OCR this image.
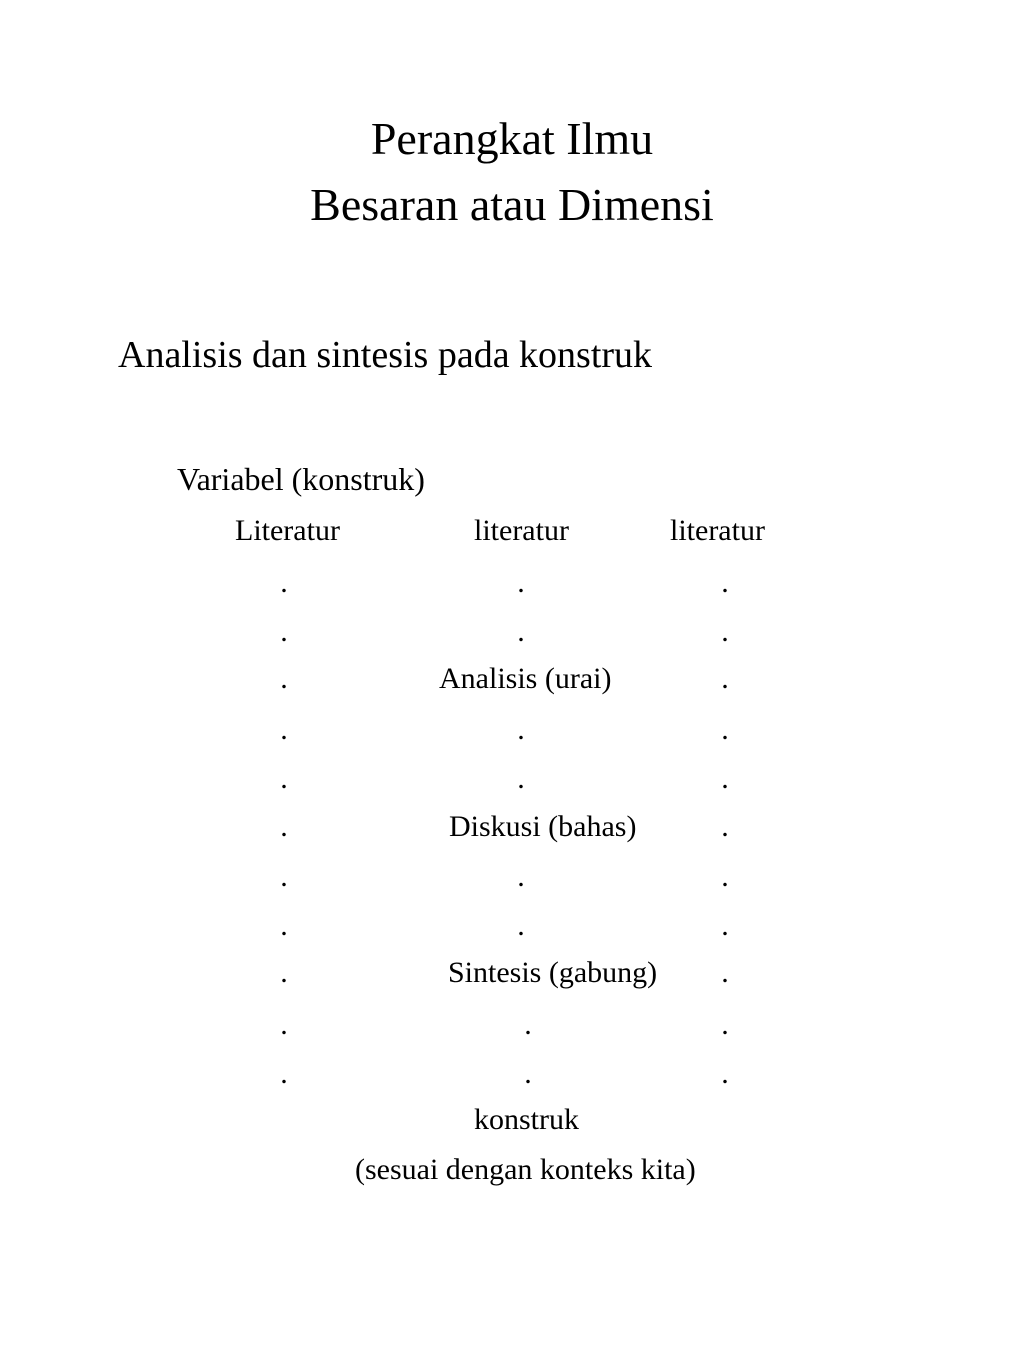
Perangkat Ilmu
Besaran atau Dimensi
Analisis dan sintesis pada konstruk
Variabel (konstruk)
Literatur	literatur	literatur
.	.	.
.	.	.
.	Analisis (urai)	.
.	.	.
.	.	.
.	Diskusi (bahas)	.
.	.	.
.	.	.
.	Sintesis (gabung) .
.	.	.
.	.	.
konstruk
(sesuai dengan konteks kita)
